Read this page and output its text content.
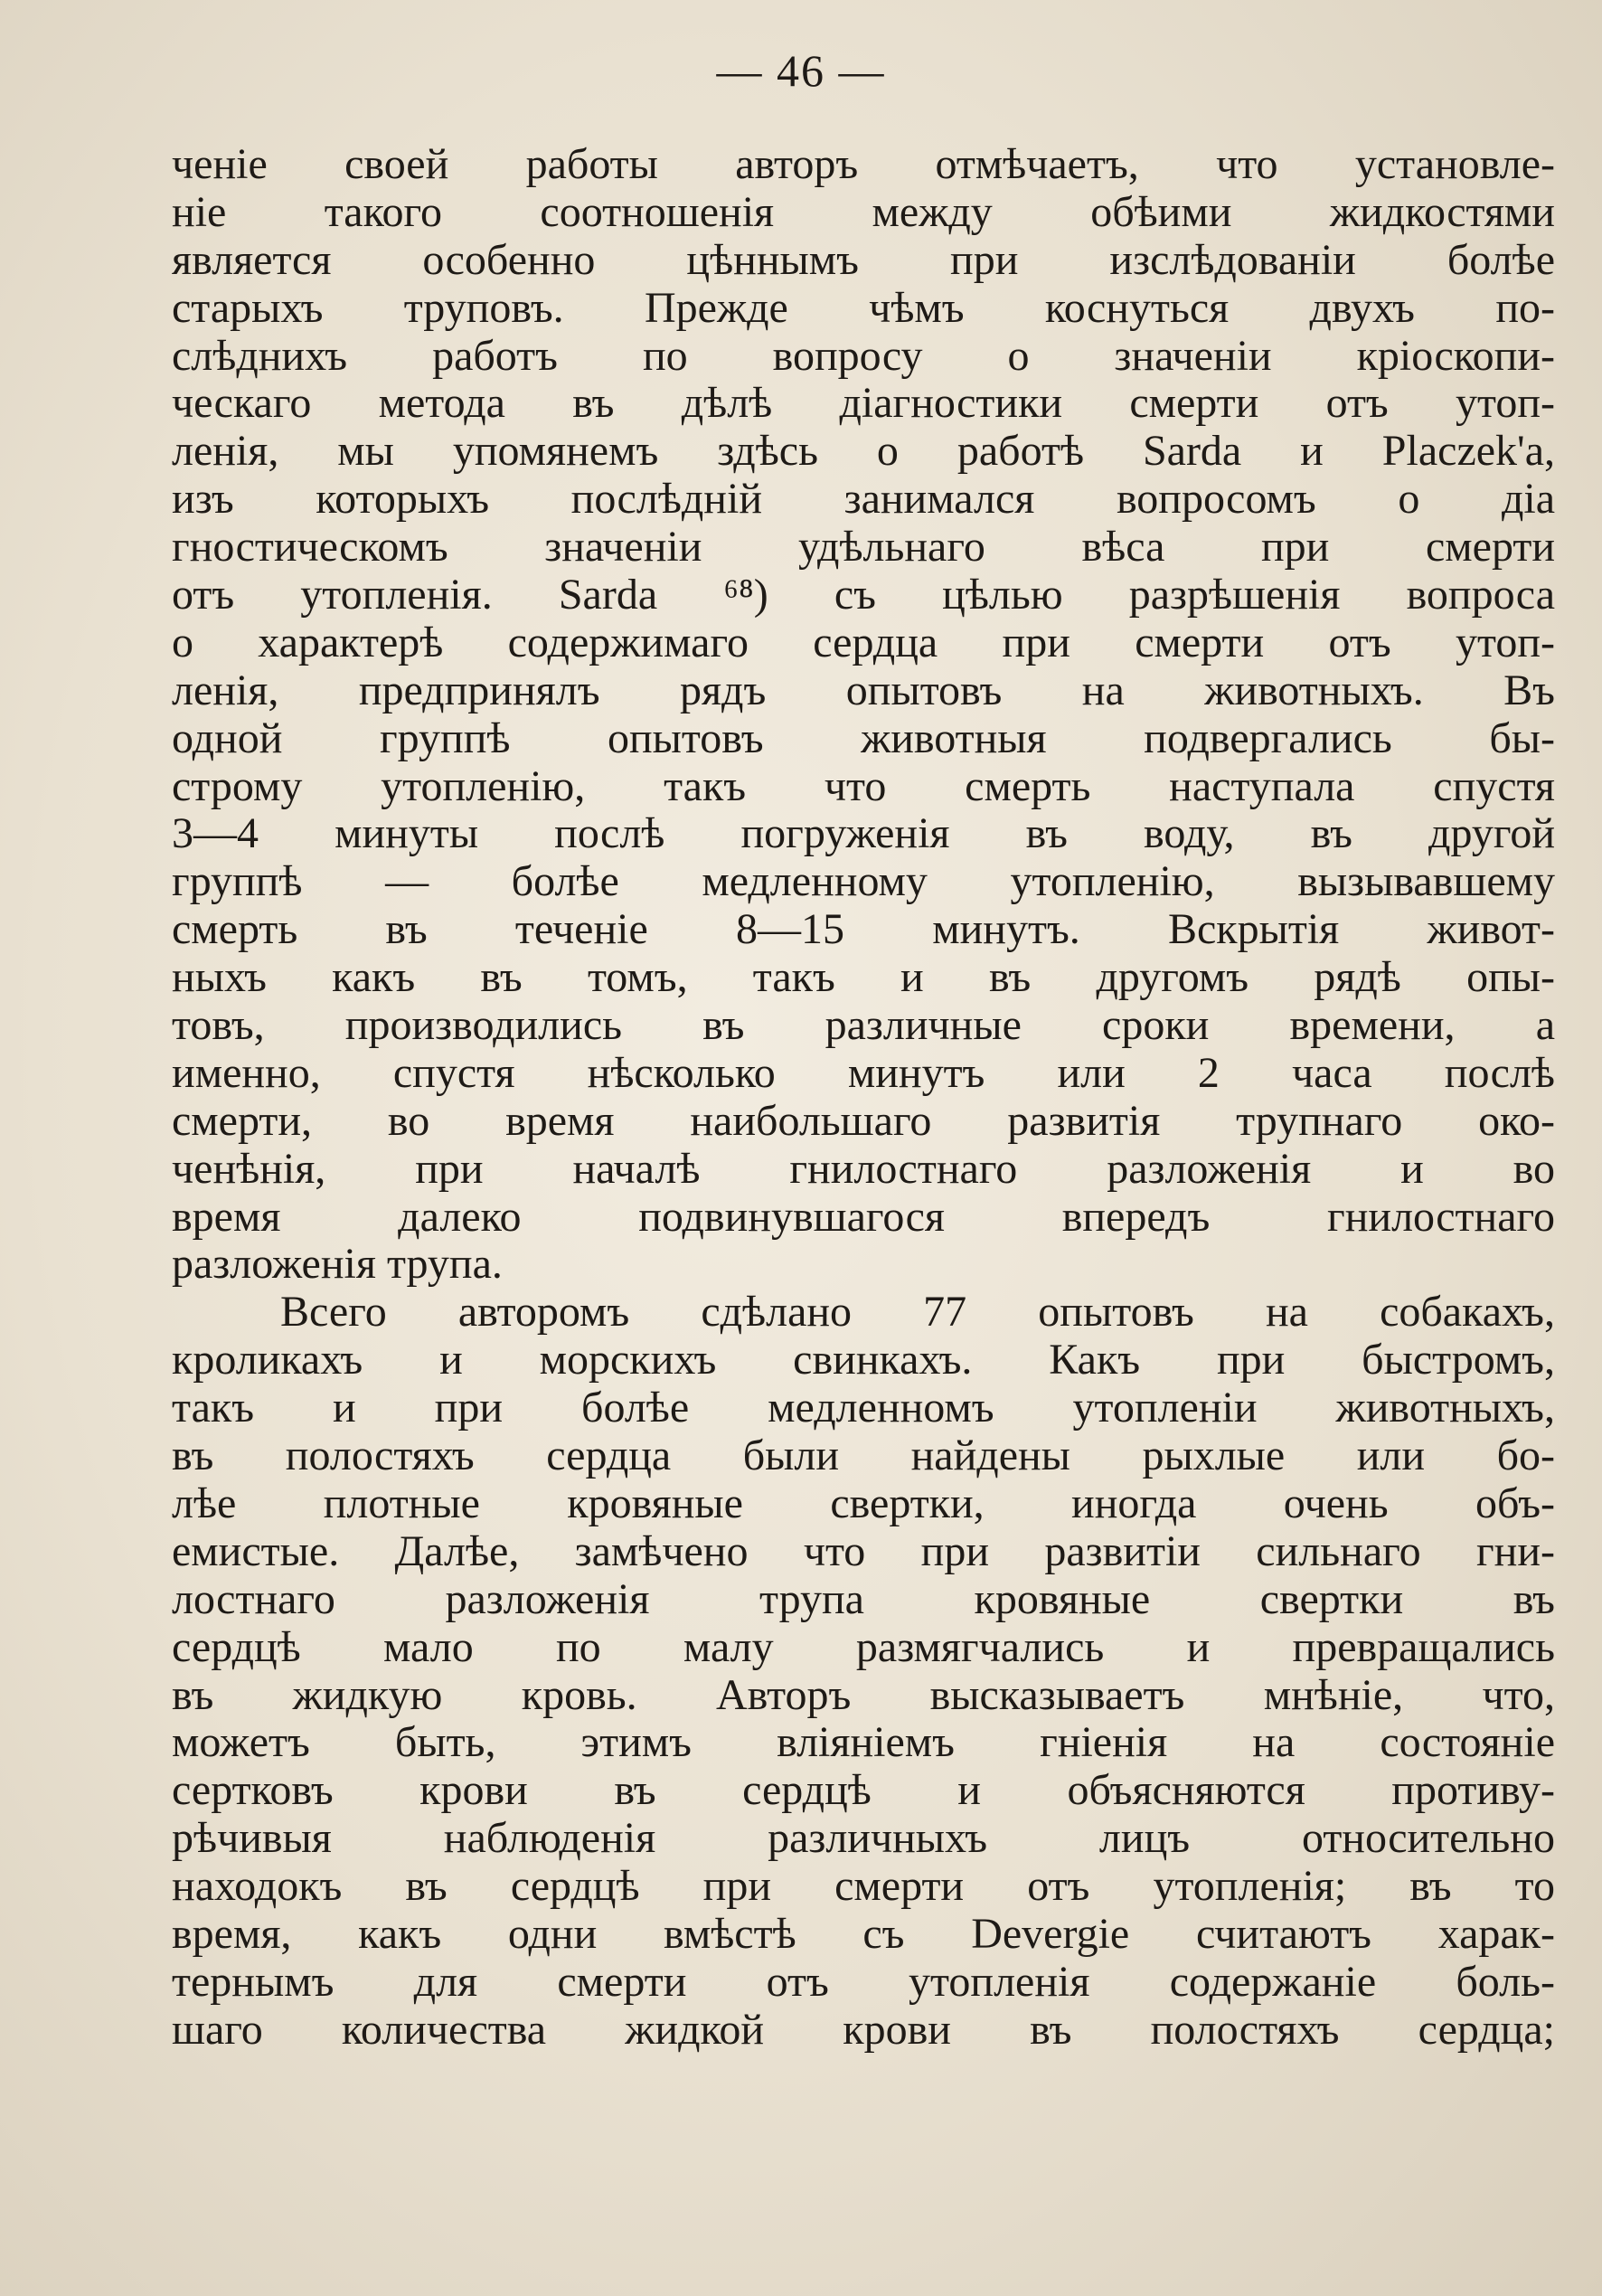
— 46 —
ченіе своей работы авторъ отмѣчаетъ, что установле-
ніе такого соотношенія между обѣими жидкостями
является особенно цѣннымъ при изслѣдованіи болѣе
старыхъ труповъ. Прежде чѣмъ коснуться двухъ по-
слѣднихъ работъ по вопросу о значеніи кріоскопи-
ческаго метода въ дѣлѣ діагностики смерти отъ утоп-
ленія, мы упомянемъ здѣсь о работѣ Sarda и Placzek'a,
изъ которыхъ послѣдній занимался вопросомъ о діа
гностическомъ значеніи удѣльнаго вѣса при смерти
отъ утопленія. Sarda ⁶⁸) съ цѣлью разрѣшенія вопроса
о характерѣ содержимаго сердца при смерти отъ утоп-
ленія, предпринялъ рядъ опытовъ на животныхъ. Въ
одной группѣ опытовъ животныя подвергались бы-
строму утопленію, такъ что смерть наступала спустя
3—4 минуты послѣ погруженія въ воду, въ другой
группѣ — болѣе медленному утопленію, вызывавшему
смерть въ теченіе 8—15 минутъ. Вскрытія живот-
ныхъ какъ въ томъ, такъ и въ другомъ рядѣ опы-
товъ, производились въ различные сроки времени, а
именно, спустя нѣсколько минутъ или 2 часа послѣ
смерти, во время наибольшаго развитія трупнаго око-
ченѣнія, при началѣ гнилостнаго разложенія и во
время далеко подвинувшагося впередъ гнилостнаго
разложенія трупа.
Всего авторомъ сдѣлано 77 опытовъ на собакахъ,
кроликахъ и морскихъ свинкахъ. Какъ при быстромъ,
такъ и при болѣе медленномъ утопленіи животныхъ,
въ полостяхъ сердца были найдены рыхлые или бо-
лѣе плотные кровяные свертки, иногда очень объ-
емистые. Далѣе, замѣчено что при развитіи сильнаго гни-
лостнаго разложенія трупа кровяные свертки въ
сердцѣ мало по малу размягчались и превращались
въ жидкую кровь. Авторъ высказываетъ мнѣніе, что,
можетъ быть, этимъ вліяніемъ гніенія на состояніе
сертковъ крови въ сердцѣ и объясняются противу-
рѣчивыя наблюденія различныхъ лицъ относительно
находокъ въ сердцѣ при смерти отъ утопленія; въ то
время, какъ одни вмѣстѣ съ Devergie считаютъ харак-
тернымъ для смерти отъ утопленія содержаніе боль-
шаго количества жидкой крови въ полостяхъ сердца;
